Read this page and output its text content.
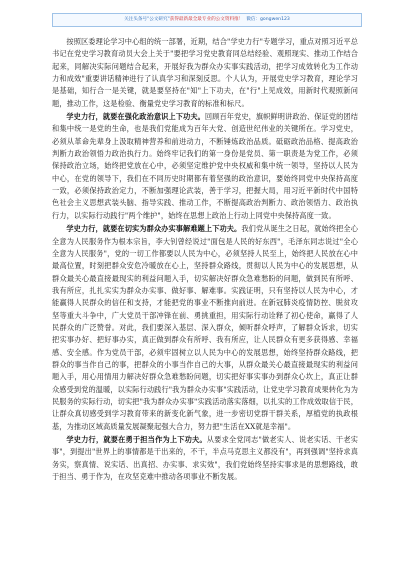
关注头条号"公文研究"获得最新最全最专业的公文资料推！ 微信：gongwen123

按照区委理论学习中心组的统一部署，近期，结合"学史力行"专题学习，重点对照习近平总书记在党史学习教育动员大会上关于"要把学习党史教育同总结经验、观照现实、推动工作结合起来，同解决实际问题结合起来，开展好我为群众办实事实践活动，把学习成效转化为工作动力和成效"重要讲话精神进行了认真学习和深刻反思。个人认为，开展党史学习教育，理论学习是基础，知行合一是关键，就是要坚持在"知"上下功夫，在"行"上见成效，用新时代观照新问题，推动工作，这是检验、衡量党史学习教育的标准和标尺。

学史力行，就要在强化政治意识上下功夫。回顾百年党史，旗帜鲜明讲政治、保证党的团结和集中统一是党的生命，也是我们党能成为百年大党、创造世纪伟业的关键所在。学习党史，必须从革命先辈身上汲取精神营养和前进动力，不断锤炼政治品质。砥砺政治品格、提高政治判断力政治领悟力政治执行力。始终牢记我们的第一身份是党员、第一职责是为党工作，必须保持政治立场，始终把党放在心中，必须坚定维护党中央权威和集中统一领导，坚持以人民为中心，在党的领导下，我们在不同历史时期都有着坚强的政治意识，要始终同党中央保持高度一致，必须保持政治定力，不断加强理论武装，善于学习，把握大局，用习近平新时代中国特色社会主义思想武装头脑、指导实践、推动工作，不断提高政治判断力、政治领悟力、政治执行力，以实际行动践行"两个维护"，始终在思想上政治上行动上同党中央保持高度一致。

学史力行，就要在切实为群众办实事解难题上下功夫。我们党从诞生之日起，就始终把全心全意为人民服务作为根本宗旨，李大钊曾经说过"面包是人民的好东西"，毛泽东同志说过"全心全意为人民服务"，党的一切工作都要以人民为中心，必须坚持人民至上，始终把人民放在心中最高位置，时刻把群众安危冷暖放在心上，坚持群众路线，贯彻以人民为中心的发展思想，从群众最关心最直接最现实的利益问题入手，切实解决好群众急难愁盼的问题，做到民有所呼、我有所应，扎扎实实为群众办实事、做好事、解难事。实践证明，只有坚持以人民为中心，才能赢得人民群众的信任和支持，才能把党的事业不断推向前进。在新冠肺炎疫情防控、脱贫攻坚等重大斗争中，广大党员干部冲锋在前、勇挑重担，用实际行动诠释了初心使命，赢得了人民群众的广泛赞誉。对此，我们要深入基层、深入群众，倾听群众呼声，了解群众诉求，切实把实事办好、把好事办实，真正做到群众有所呼、我有所应，让人民群众有更多获得感、幸福感、安全感。作为党员干部，必须牢固树立以人民为中心的发展思想，始终坚持群众路线，把群众的事当作自己的事，把群众的小事当作自己的大事，从群众最关心最直接最现实的利益问题入手，用心用情用力解决好群众急难愁盼问题，切实把好事实事办到群众心坎上，真正让群众感受到党的温暖，以实际行动践行"我为群众办实事"实践活动，让党史学习教育成果转化为为民服务的实际行动，切实把"我为群众办实事"实践活动落实落细，以扎实的工作成效取信于民，让群众真切感受到学习教育带来的新变化新气象，进一步密切党群干群关系，厚植党的执政根基，为推动区域高质量发展凝聚起强大合力，努力把"生活在XX就是幸福"。

学史力行，就要在勇于担当作为上下功夫。从要求全党同志"做老实人、说老实话、干老实事"，到提出"世界上的事情都是干出来的，不干，半点马克思主义都没有"，再到强调"坚持求真务实，察真情、说实话、出真招、办实事、求实效"，我们党始终坚持实事求是的思想路线，敢于担当、勇于作为，在攻坚克难中推动各项事业不断发展。
